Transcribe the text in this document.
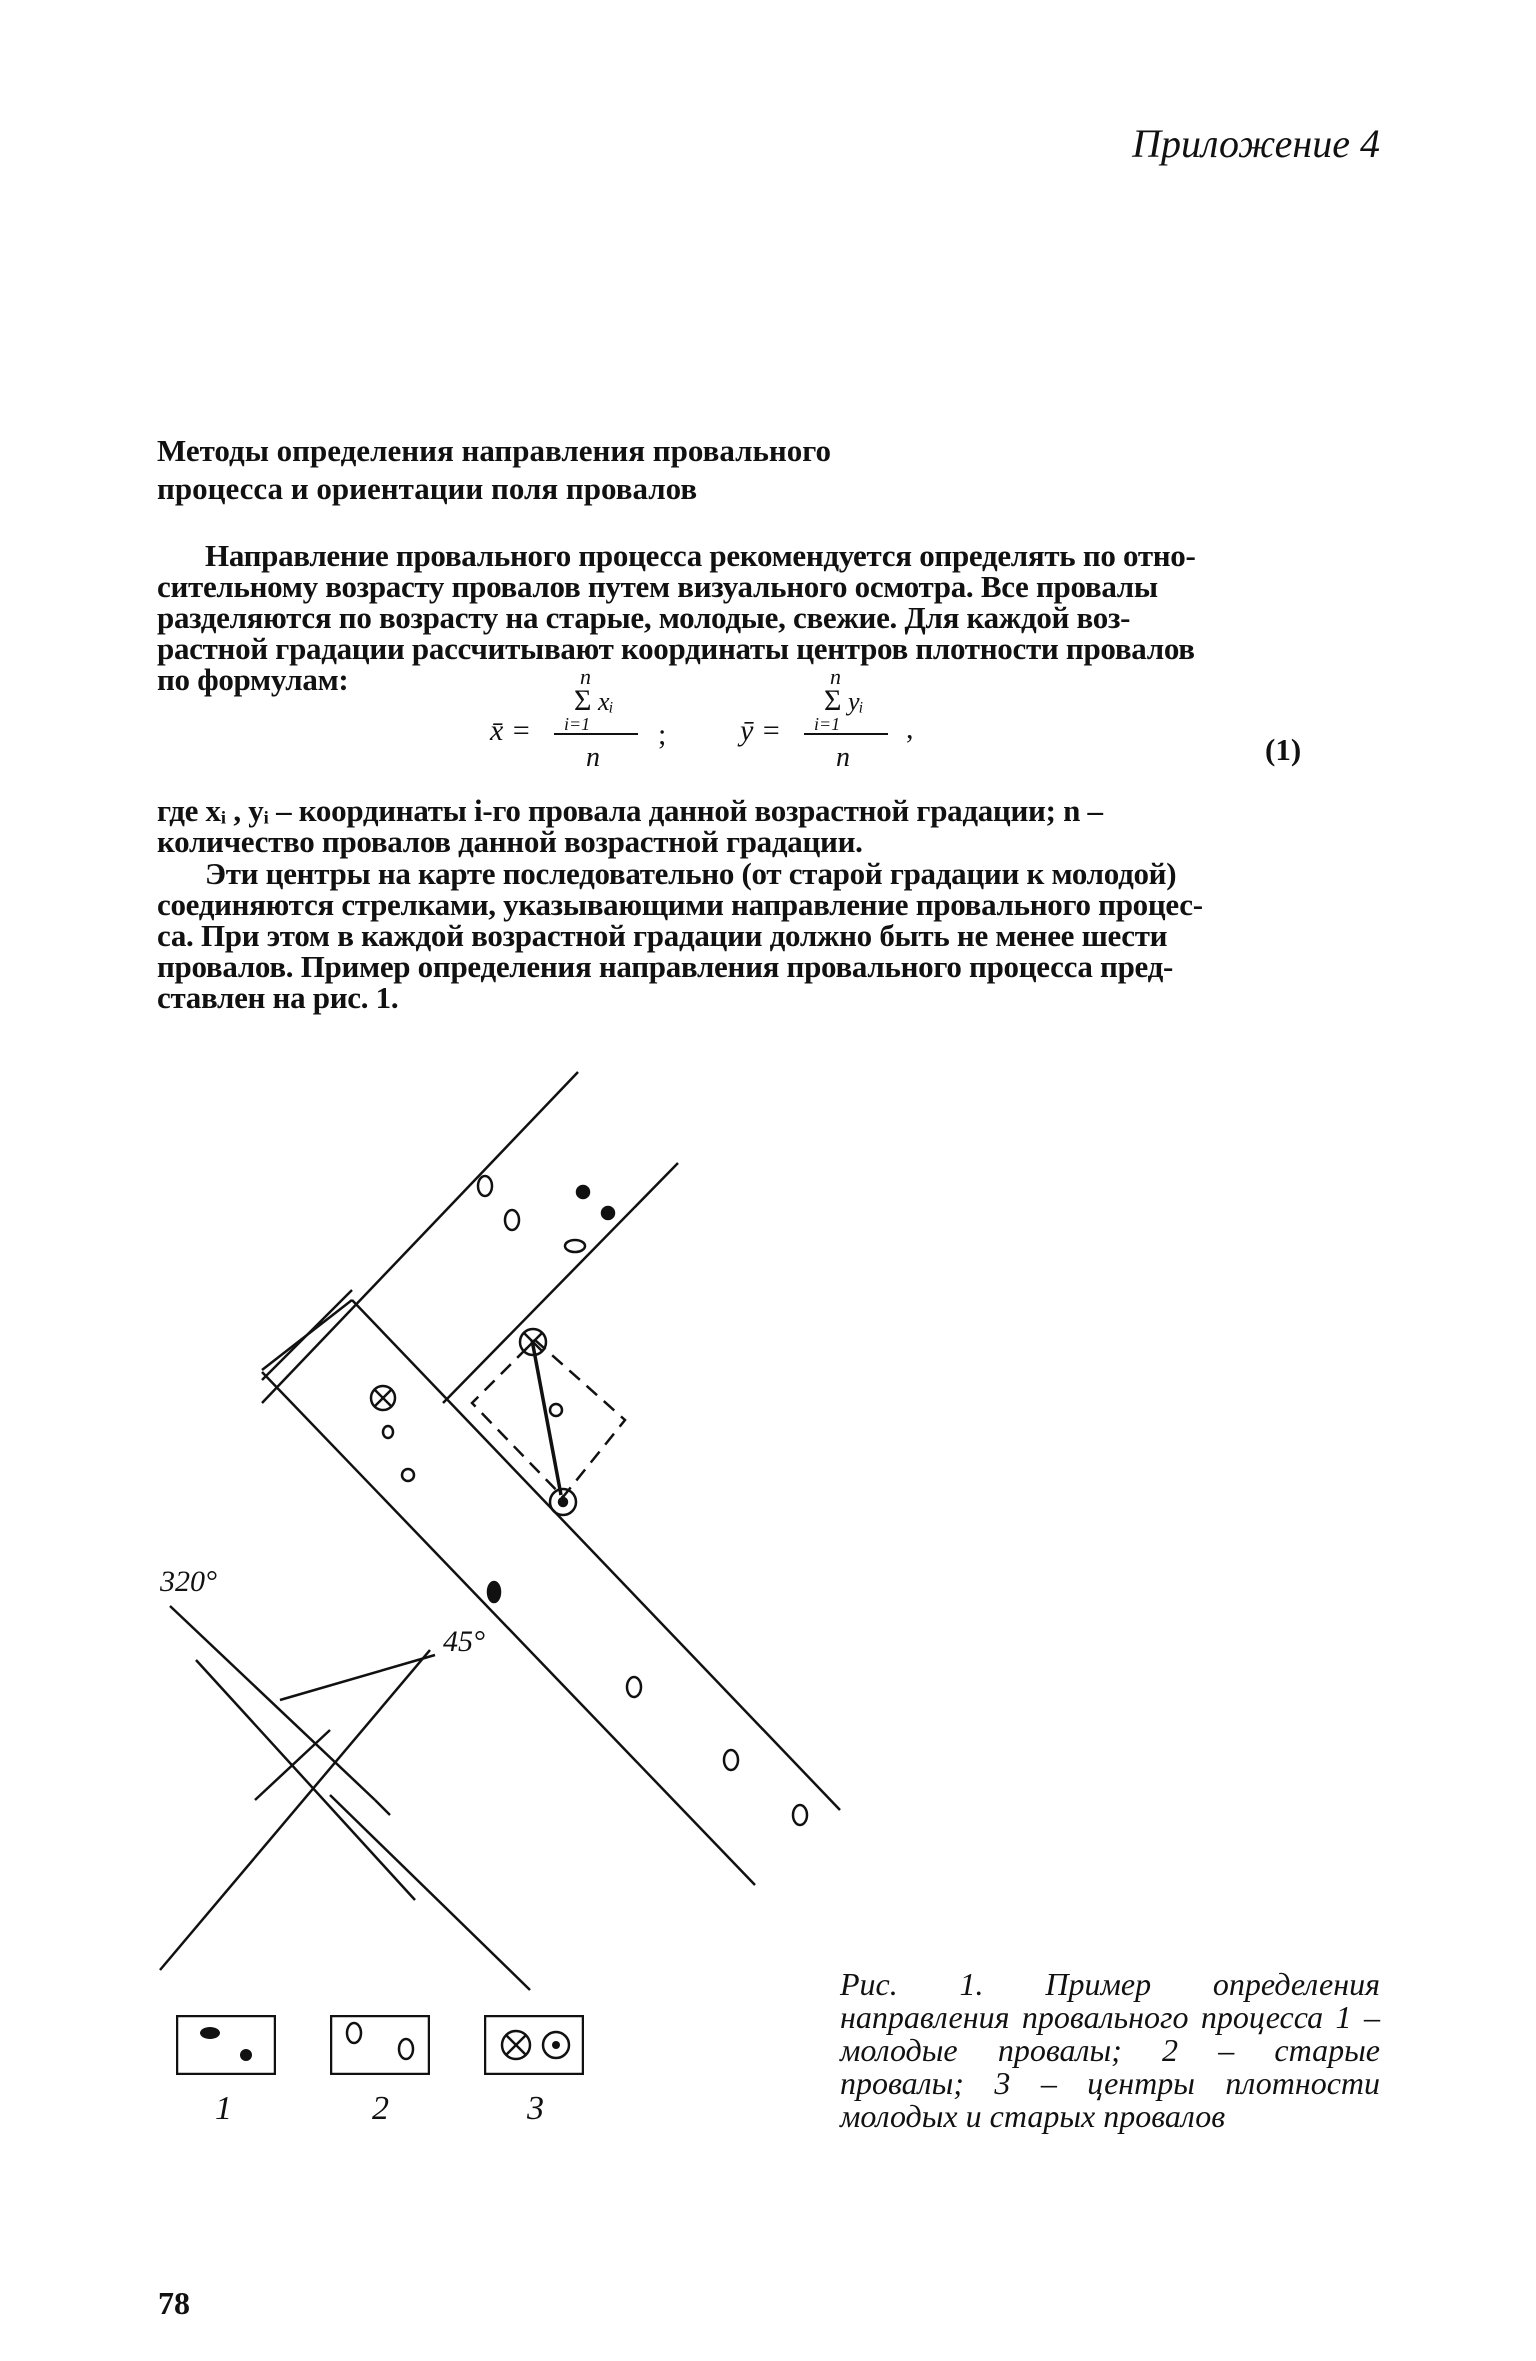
Приложение 4
Методы определения направления провального
процесса и ориентации поля провалов
Направление провального процесса рекомендуется определять по отно-
сительному возрасту провалов путем визуального осмотра. Все провалы
разделяются по возрасту на старые, молодые, свежие. Для каждой воз-
растной градации рассчитывают координаты центров плотности провалов
по формулам:
x̄ =
n
Σ
i=1
xᵢ
n
; ȳ =
n
Σ
i=1
yᵢ
n
,
(1)
где xᵢ , yᵢ – координаты i-го провала данной возрастной градации; n –
количество провалов данной возрастной градации.
Эти центры на карте последовательно (от старой градации к молодой)
соединяются стрелками, указывающими направление провального процес-
са. При этом в каждой возрастной градации должно быть не менее шести
провалов. Пример определения направления провального процесса пред-
ставлен на рис. 1.
320°
45°
1	2	3
Рис. 1. Пример определения направления провального процесса 1 – молодые провалы; 2 – старые провалы; 3 – центры плотности молодых и старых провалов
78
